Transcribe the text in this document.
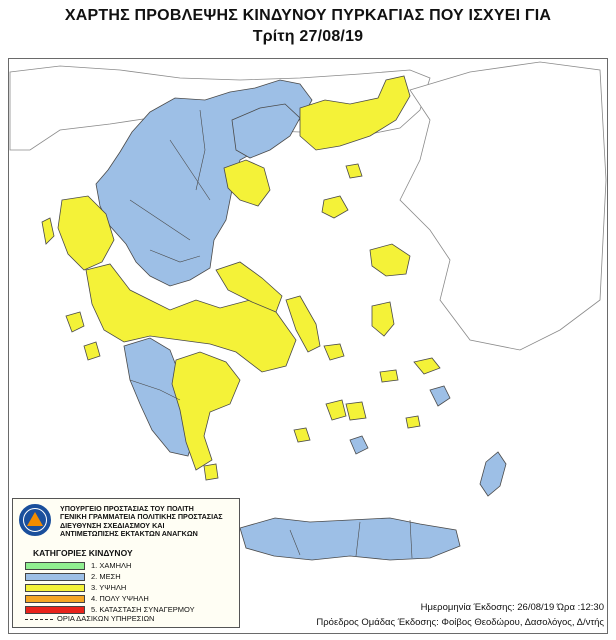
ΧΑΡΤΗΣ ΠΡΟΒΛΕΨΗΣ ΚΙΝΔΥΝΟΥ ΠΥΡΚΑΓΙΑΣ ΠΟΥ ΙΣΧΥΕΙ ΓΙΑ
Τρίτη 27/08/19
ΥΠΟΥΡΓΕΙΟ ΠΡΟΣΤΑΣΙΑΣ ΤΟΥ ΠΟΛΙΤΗ
ΓΕΝΙΚΗ ΓΡΑΜΜΑΤΕΙΑ ΠΟΛΙΤΙΚΗΣ ΠΡΟΣΤΑΣΙΑΣ
ΔΙΕΥΘΥΝΣΗ ΣΧΕΔΙΑΣΜΟΥ ΚΑΙ
ΑΝΤΙΜΕΤΩΠΙΣΗΣ ΕΚΤΑΚΤΩΝ ΑΝΑΓΚΩΝ
ΚΑΤΗΓΟΡΙΕΣ ΚΙΝΔΥΝΟΥ
1. ΧΑΜΗΛΗ
2. ΜΕΣΗ
3. ΥΨΗΛΗ
4. ΠΟΛΥ ΥΨΗΛΗ
5. ΚΑΤΑΣΤΑΣΗ ΣΥΝΑΓΕΡΜΟΥ
ΟΡΙΑ ΔΑΣΙΚΩΝ ΥΠΗΡΕΣΙΩΝ
Ημερομηνία Έκδοσης: 26/08/19 Ώρα :12:30
Πρόεδρος Ομάδας Έκδοσης: Φοίβος Θεοδώρου, Δασολόγος, Δ/ντής
